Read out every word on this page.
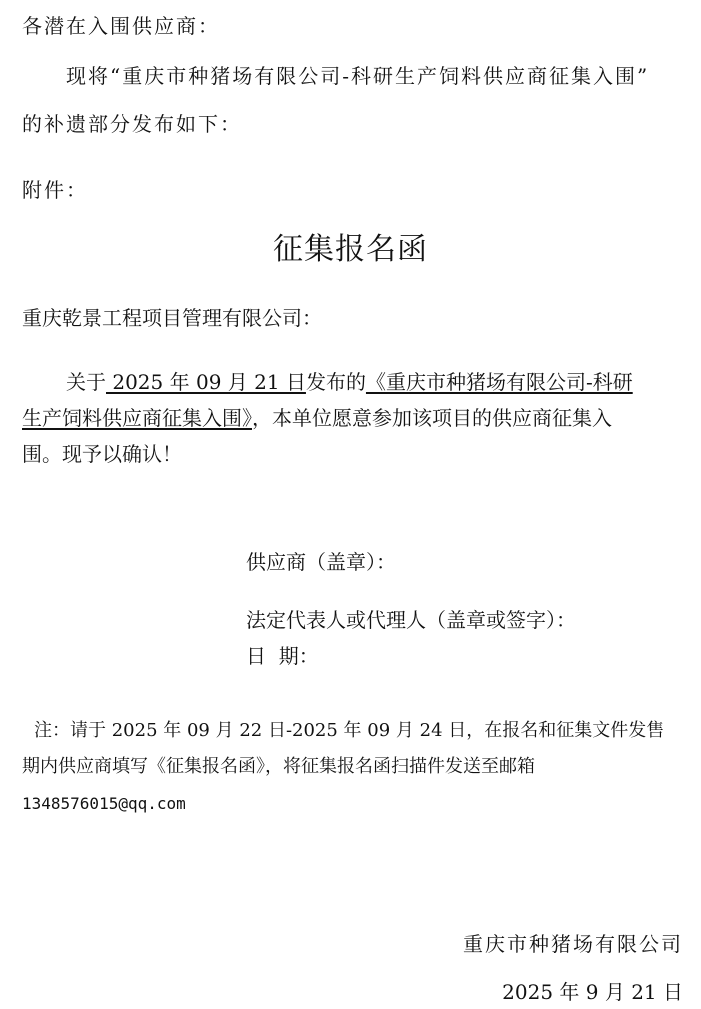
各潜在入围供应商：
现将“重庆市种猪场有限公司-科研生产饲料供应商征集入围”
的补遗部分发布如下：
附件：
征集报名函
重庆乾景工程项目管理有限公司：
关于 2025 年 09 月 21 日发布的《重庆市种猪场有限公司-科研
生产饲料供应商征集入围》，本单位愿意参加该项目的供应商征集入
围。现予以确认！
供应商（盖章）：
法定代表人或代理人（盖章或签字）：
日  期：
注：请于 2025 年 09 月 22 日-2025 年 09 月 24 日，在报名和征集文件发售
期内供应商填写《征集报名函》，将征集报名函扫描件发送至邮箱
1348576015@qq.com
重庆市种猪场有限公司
2025 年 9 月 21 日
